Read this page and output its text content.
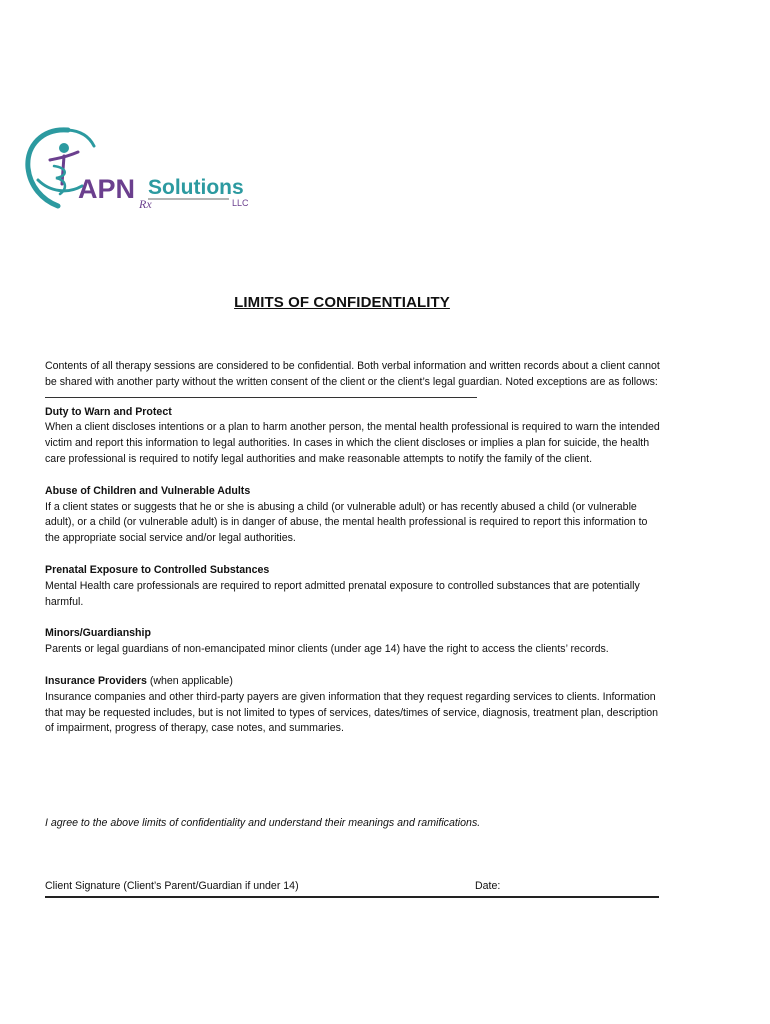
APN Rx
Solutions
LLC
LIMITS OF CONFIDENTIALITY

Contents of all therapy sessions are considered to be confidential. Both verbal information and written records about a client cannot be shared with another party without the written consent of the client or the client’s legal guardian. Noted exceptions are as follows:

Duty to Warn and Protect

When a client discloses intentions or a plan to harm another person, the mental health professional is required to warn the intended victim and report this information to legal authorities. In cases in which the client discloses or implies a plan for suicide, the health care professional is required to notify legal authorities and make reasonable attempts to notify the family of the client.

Abuse of Children and Vulnerable Adults

If a client states or suggests that he or she is abusing a child (or vulnerable adult) or has recently abused a child (or vulnerable adult), or a child (or vulnerable adult) is in danger of abuse, the mental health professional is required to report this information to the appropriate social service and/or legal authorities.

Prenatal Exposure to Controlled Substances

Mental Health care professionals are required to report admitted prenatal exposure to controlled substances that are potentially harmful.

Minors/Guardianship

Parents or legal guardians of non-emancipated minor clients (under age 14) have the right to access the clients’ records.

Insurance Providers (when applicable)

Insurance companies and other third-party payers are given information that they request regarding services to clients. Information that may be requested includes, but is not limited to types of services, dates/times of service, diagnosis, treatment plan, description of impairment, progress of therapy, case notes, and summaries.

I agree to the above limits of confidentiality and understand their meanings and ramifications.
Client Signature (Client’s Parent/Guardian if under 14)	Date:
